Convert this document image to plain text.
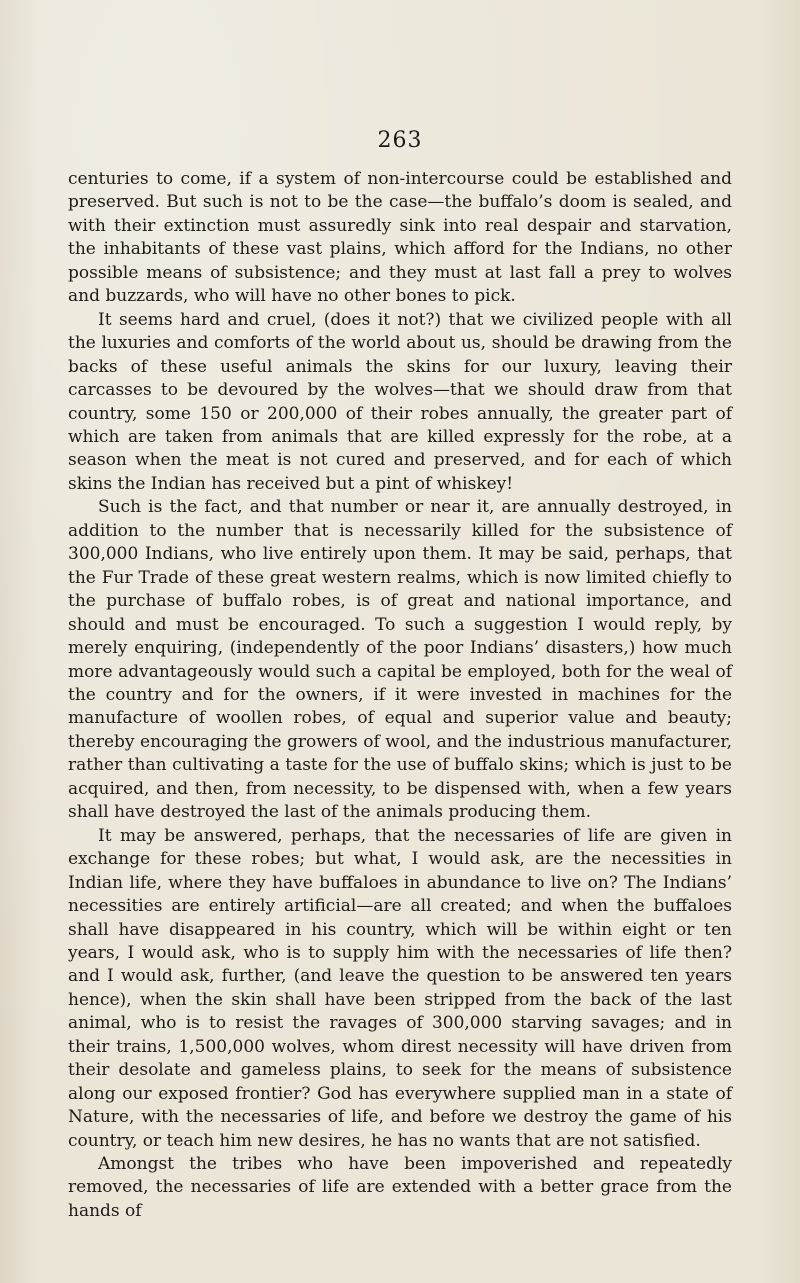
263

centuries to come, if a system of non-intercourse could be established and preserved. But such is not to be the case—the buffalo’s doom is sealed, and with their extinction must assuredly sink into real despair and starvation, the inhabitants of these vast plains, which afford for the Indians, no other possible means of subsistence; and they must at last fall a prey to wolves and buzzards, who will have no other bones to pick.

It seems hard and cruel, (does it not?) that we civilized people with all the luxuries and comforts of the world about us, should be drawing from the backs of these useful animals the skins for our luxury, leaving their carcasses to be devoured by the wolves—that we should draw from that country, some 150 or 200,000 of their robes annually, the greater part of which are taken from animals that are killed expressly for the robe, at a season when the meat is not cured and preserved, and for each of which skins the Indian has received but a pint of whiskey!

Such is the fact, and that number or near it, are annually destroyed, in addition to the number that is necessarily killed for the subsistence of 300,000 Indians, who live entirely upon them. It may be said, perhaps, that the Fur Trade of these great western realms, which is now limited chiefly to the purchase of buffalo robes, is of great and national importance, and should and must be encouraged. To such a suggestion I would reply, by merely enquiring, (independently of the poor Indians’ disasters,) how much more advantageously would such a capital be employed, both for the weal of the country and for the owners, if it were invested in machines for the manufacture of woollen robes, of equal and superior value and beauty; thereby encouraging the growers of wool, and the industrious manufacturer, rather than cultivating a taste for the use of buffalo skins; which is just to be acquired, and then, from necessity, to be dispensed with, when a few years shall have destroyed the last of the animals producing them.

It may be answered, perhaps, that the necessaries of life are given in exchange for these robes; but what, I would ask, are the necessities in Indian life, where they have buffaloes in abundance to live on? The Indians’ necessities are entirely artificial—are all created; and when the buffaloes shall have disappeared in his country, which will be within eight or ten years, I would ask, who is to supply him with the necessaries of life then? and I would ask, further, (and leave the question to be answered ten years hence), when the skin shall have been stripped from the back of the last animal, who is to resist the ravages of 300,000 starving savages; and in their trains, 1,500,000 wolves, whom direst necessity will have driven from their desolate and gameless plains, to seek for the means of subsistence along our exposed frontier? God has everywhere supplied man in a state of Nature, with the necessaries of life, and before we destroy the game of his country, or teach him new desires, he has no wants that are not satisfied.

Amongst the tribes who have been impoverished and repeatedly removed, the necessaries of life are extended with a better grace from the hands of
